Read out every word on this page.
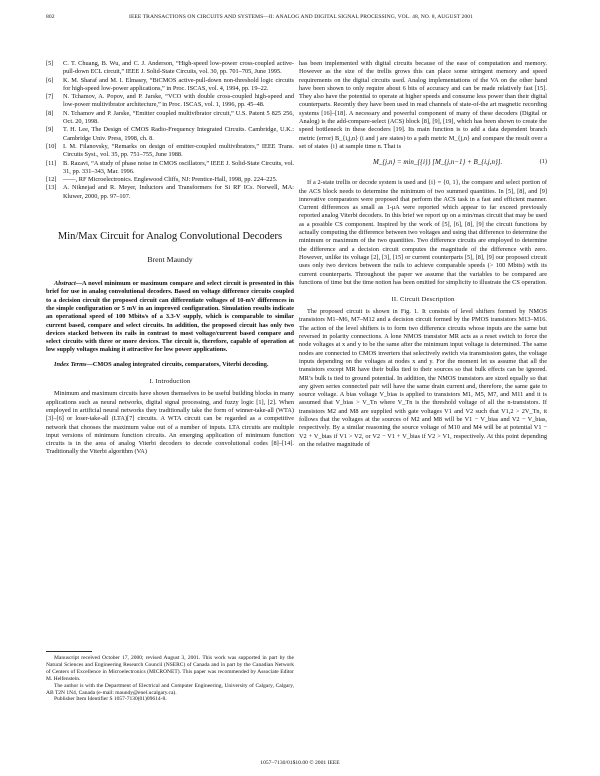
802	IEEE TRANSACTIONS ON CIRCUITS AND SYSTEMS—II: ANALOG AND DIGITAL SIGNAL PROCESSING, VOL. 48, NO. 8, AUGUST 2001
[5] C. T. Chuang, B. Wu, and C. J. Anderson, “High-speed low-power cross-coupled active-pull-down ECL circuit,” IEEE J. Solid-State Circuits, vol. 30, pp. 701–705, June 1995.
[6] K. M. Sharaf and M. I. Elmasry, “BiCMOS active-pull-down non-threshold logic circuits for high-speed low-power applications,” in Proc. ISCAS, vol. 4, 1994, pp. 19–22.
[7] N. Tchamov, A. Popov, and P. Jarske, “VCO with double cross-coupled high-speed and low-power multivibrator architecture,” in Proc. ISCAS, vol. 1, 1996, pp. 45–48.
[8] N. Tchamov and P. Jarske, “Emitter coupled multivibrator circuit,” U.S. Patent 5 825 256, Oct. 20, 1998.
[9] T. H. Lee, The Design of CMOS Radio-Frequency Integrated Circuits. Cambridge, U.K.: Cambridge Univ. Press, 1998, ch. 8.
[10] I. M. Filanovsky, “Remarks on design of emitter-coupled multivibrators,” IEEE Trans. Circuits Syst., vol. 35, pp. 751–755, June 1988.
[11] B. Razavi, “A study of phase noise in CMOS oscillators,” IEEE J. Solid-State Circuits, vol. 31, pp. 331–343, Mar. 1996.
[12] ——, RF Microelectronics. Englewood Cliffs, NJ: Prentice-Hall, 1998, pp. 224–225.
[13] A. Niknejad and R. Meyer, Inductors and Transformers for Si RF ICs. Norwell, MA: Kluwer, 2000, pp. 97–107.
Min/Max Circuit for Analog Convolutional Decoders
Brent Maundy

Abstract—A novel minimum or maximum compare and select circuit is presented in this brief for use in analog convolutional decoders. Based on voltage difference circuits coupled to a decision circuit the proposed circuit can differentiate voltages of 10-mV differences in the simple configuration or 5 mV in an improved configuration. Simulation results indicate an operational speed of 100 Mbits/s of a 3.3-V supply, which is comparable to similar current based, compare and select circuits. In addition, the proposed circuit has only two devices stacked between its rails in contrast to most voltage/current based compare and select circuits with three or more devices. The circuit is, therefore, capable of operation at low supply voltages making it attractive for low power applications.

Index Terms—CMOS analog integrated circuits, comparators, Viterbi decoding.

I. Introduction

Minimum and maximum circuits have shown themselves to be useful building blocks in many applications such as neural networks, digital signal processing, and fuzzy logic [1], [2]. When employed in artificial neural networks they traditionally take the form of winner-take-all (WTA) [3]–[6] or loser-take-all (LTA)[7] circuits. A WTA circuit can be regarded as a competitive network that chooses the maximum value out of a number of inputs. LTA circuits are multiple input versions of minimum function circuits. An emerging application of minimum function circuits is in the area of analog Viterbi decoders to decode convolutional codes [8]–[14]. Traditionally the Viterbi algorithm (VA)

Manuscript received October 17, 2000; revised August 3, 2001. This work was supported in part by the Natural Sciences and Engineering Research Council (NSERC) of Canada and in part by the Canadian Network of Centers of Excellence in Microelectronics (MICRONET). This paper was recommended by Associate Editor M. Helfenstein.

The author is with the Department of Electrical and Computer Engineering, University of Calgary, Calgary, AB T2N 1N4, Canada (e-mail: maundy@enel.ucalgary.ca).

Publisher Item Identifier S 1057-7130(01)09614-8.

has been implemented with digital circuits because of the ease of computation and memory. However as the size of the trellis grows this can place some stringent memory and speed requirements on the digital circuits used. Analog implementations of the VA on the other hand have been shown to only require about 6 bits of accuracy and can be made relatively fast [15]. They also have the potential to operate at higher speeds and consume less power than their digital counterparts. Recently they have been used in read channels of state-of-the art magnetic recording systems [16]–[18]. A necessary and powerful component of many of these decoders (Digital or Analog) is the add-compare-select (ACS) block [8], [9], [19], which has been shown to create the speed bottleneck in these decoders [19]. Its main function is to add a data dependent branch metric (error) B_{i,j,n} (i and j are states) to a path metric M_{j,n} and compare the result over a set of states {i} at sample time n. That is

M_{j,n} = min_{{i}} [M_{j,n−1} + B_{i,j,n}].	(1)

If a 2-state trellis or decode system is used and {i} = {0, 1}, the compare and select portion of the ACS block needs to determine the minimum of two summed quantities. In [5], [8], and [9] innovative comparators were proposed that perform the ACS task in a fast and efficient manner. Current differences as small as 1-μA were reported which appear to far exceed previously reported analog Viterbi decoders. In this brief we report up on a min/max circuit that may be used as a possible CS component. Inspired by the work of [5], [6], [8], [9] the circuit functions by actually computing the difference between two voltages and using that difference to determine the minimum or maximum of the two quantities. Two difference circuits are employed to determine the difference and a decision circuit computes the magnitude of the difference with zero. However, unlike its voltage [2], [3], [15] or current counterparts [5], [8], [9] our proposed circuit uses only two devices between the rails to achieve comparable speeds (> 100 Mbits) with its current counterparts. Throughout the paper we assume that the variables to be compared are functions of time but the time notion has been omitted for simplicity to illustrate the CS operation.

II. Circuit Description

The proposed circuit is shown in Fig. 1. It consists of level shifters formed by NMOS transistors M1–M6, M7–M12 and a decision circuit formed by the PMOS transistors M13–M16. The action of the level shifters is to form two difference circuits whose inputs are the same but reversed in polarity connections. A lone NMOS transistor MR acts as a reset switch to force the node voltages at x and y to be the same after the minimum input voltage is determined. The same nodes are connected to CMOS inverters that selectively switch via transmission gates, the voltage inputs depending on the voltages at nodes x and y. For the moment let us assume that all the transistors except MR have their bulks tied to their sources so that bulk effects can be ignored. MR’s bulk is tied to ground potential. In addition, the NMOS transistors are sized equally so that any given series connected pair will have the same drain current and, therefore, the same gate to source voltage. A bias voltage V_bias is applied to transistors M1, M5, M7, and M11 and it is assumed that V_bias > V_Tn where V_Tn is the threshold voltage of all the n-transistors. If transistors M2 and M8 are supplied with gate voltages V1 and V2 such that V1,2 > 2V_Tn, it follows that the voltages at the sources of M2 and M8 will be V1 − V_bias and V2 − V_bias, respectively. By a similar reasoning the source voltage of M10 and M4 will be at potential V1 − V2 + V_bias if V1 > V2, or V2 − V1 + V_bias if V2 > V1, respectively. At this point depending on the relative magnitude of

1057–7130/01$10.00 © 2001 IEEE
